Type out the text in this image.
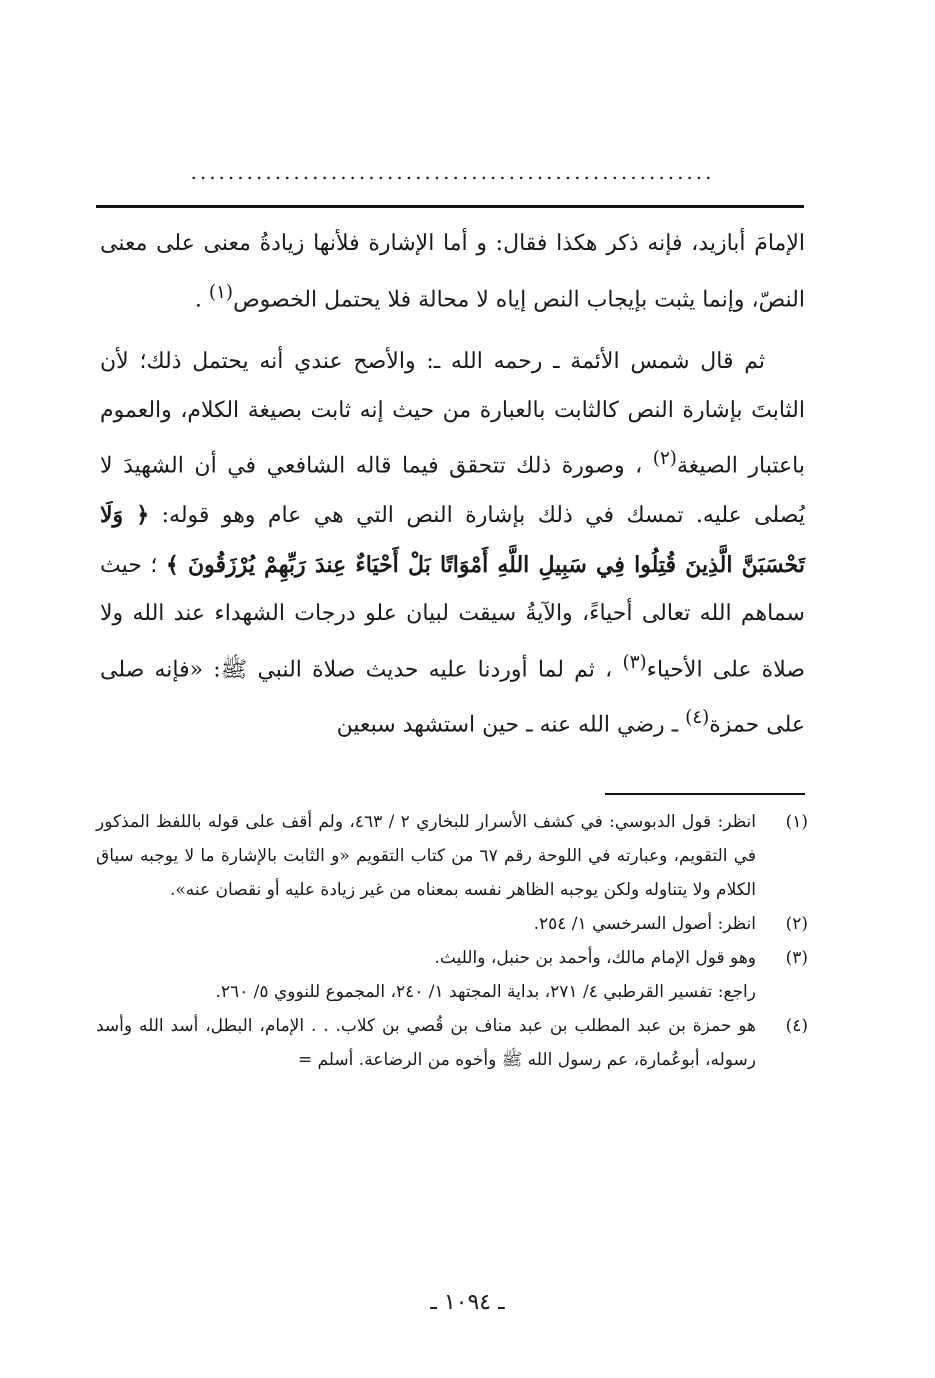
........................................................

الإمامَ أبازيد، فإنه ذكر هكذا فقال: و أما الإشارة فلأنها زيادةُ معنى على معنى النصّ، وإنما يثبت بإيجاب النص إياه لا محالة فلا يحتمل الخصوص$^{(١)}$ .

ثم قال شمس الأئمة ـ رحمه الله ـ: والأصح عندي أنه يحتمل ذلك؛ لأن الثابتَ بإشارة النص كالثابت بالعبارة من حيث إنه ثابت بصيغة الكلام، والعموم باعتبار الصيغة$^{(٢)}$ ، وصورة ذلك تتحقق فيما قاله الشافعي في أن الشهيدَ لا يُصلى عليه. تمسك في ذلك بإشارة النص التي هي عام وهو قوله: ﴿ وَلَا تَحْسَبَنَّ الَّذِينَ قُتِلُوا فِي سَبِيلِ اللَّهِ أَمْوَاتًا بَلْ أَحْيَاءٌ عِندَ رَبِّهِمْ يُرْزَقُونَ ﴾ ؛ حيث سماهم الله تعالى أحياءً، والآيةُ سيقت لبيان علو درجات الشهداء عند الله ولا صلاة على الأحياء$^{(٣)}$ ، ثم لما أوردنا عليه حديث صلاة النبي ﷺ: «فإنه صلى على حمزة$^{(٤)}$ ـ رضي الله عنه ـ حين استشهد سبعين

(١)
انظر: قول الدبوسي: في كشف الأسرار للبخاري ٢ / ٤٦٣، ولم أقف على قوله باللفظ المذكور في التقويم، وعبارته في اللوحة رقم ٦٧ من كتاب التقويم «و الثابت بالإشارة ما لا يوجبه سياق الكلام ولا يتناوله ولكن يوجبه الظاهر نفسه بمعناه من غير زيادة عليه أو نقصان عنه».
(٢)
انظر: أصول السرخسي ١/ ٢٥٤.
(٣)
وهو قول الإمام مالك، وأحمد بن حنبل، والليث.
راجع: تفسير القرطبي ٤/ ٢٧١، بداية المجتهد ١/ ٢٤٠، المجموع للنووي ٥/ ٢٦٠.
(٤)
هو حمزة بن عبد المطلب بن عبد مناف بن قُصي بن كلاب. . . الإمام، البطل، أسد الله وأسد رسوله، أبوعُمارة، عم رسول الله ﷺ وأخوه من الرضاعة. أسلم =
ـ ١٠٩٤ ـ
